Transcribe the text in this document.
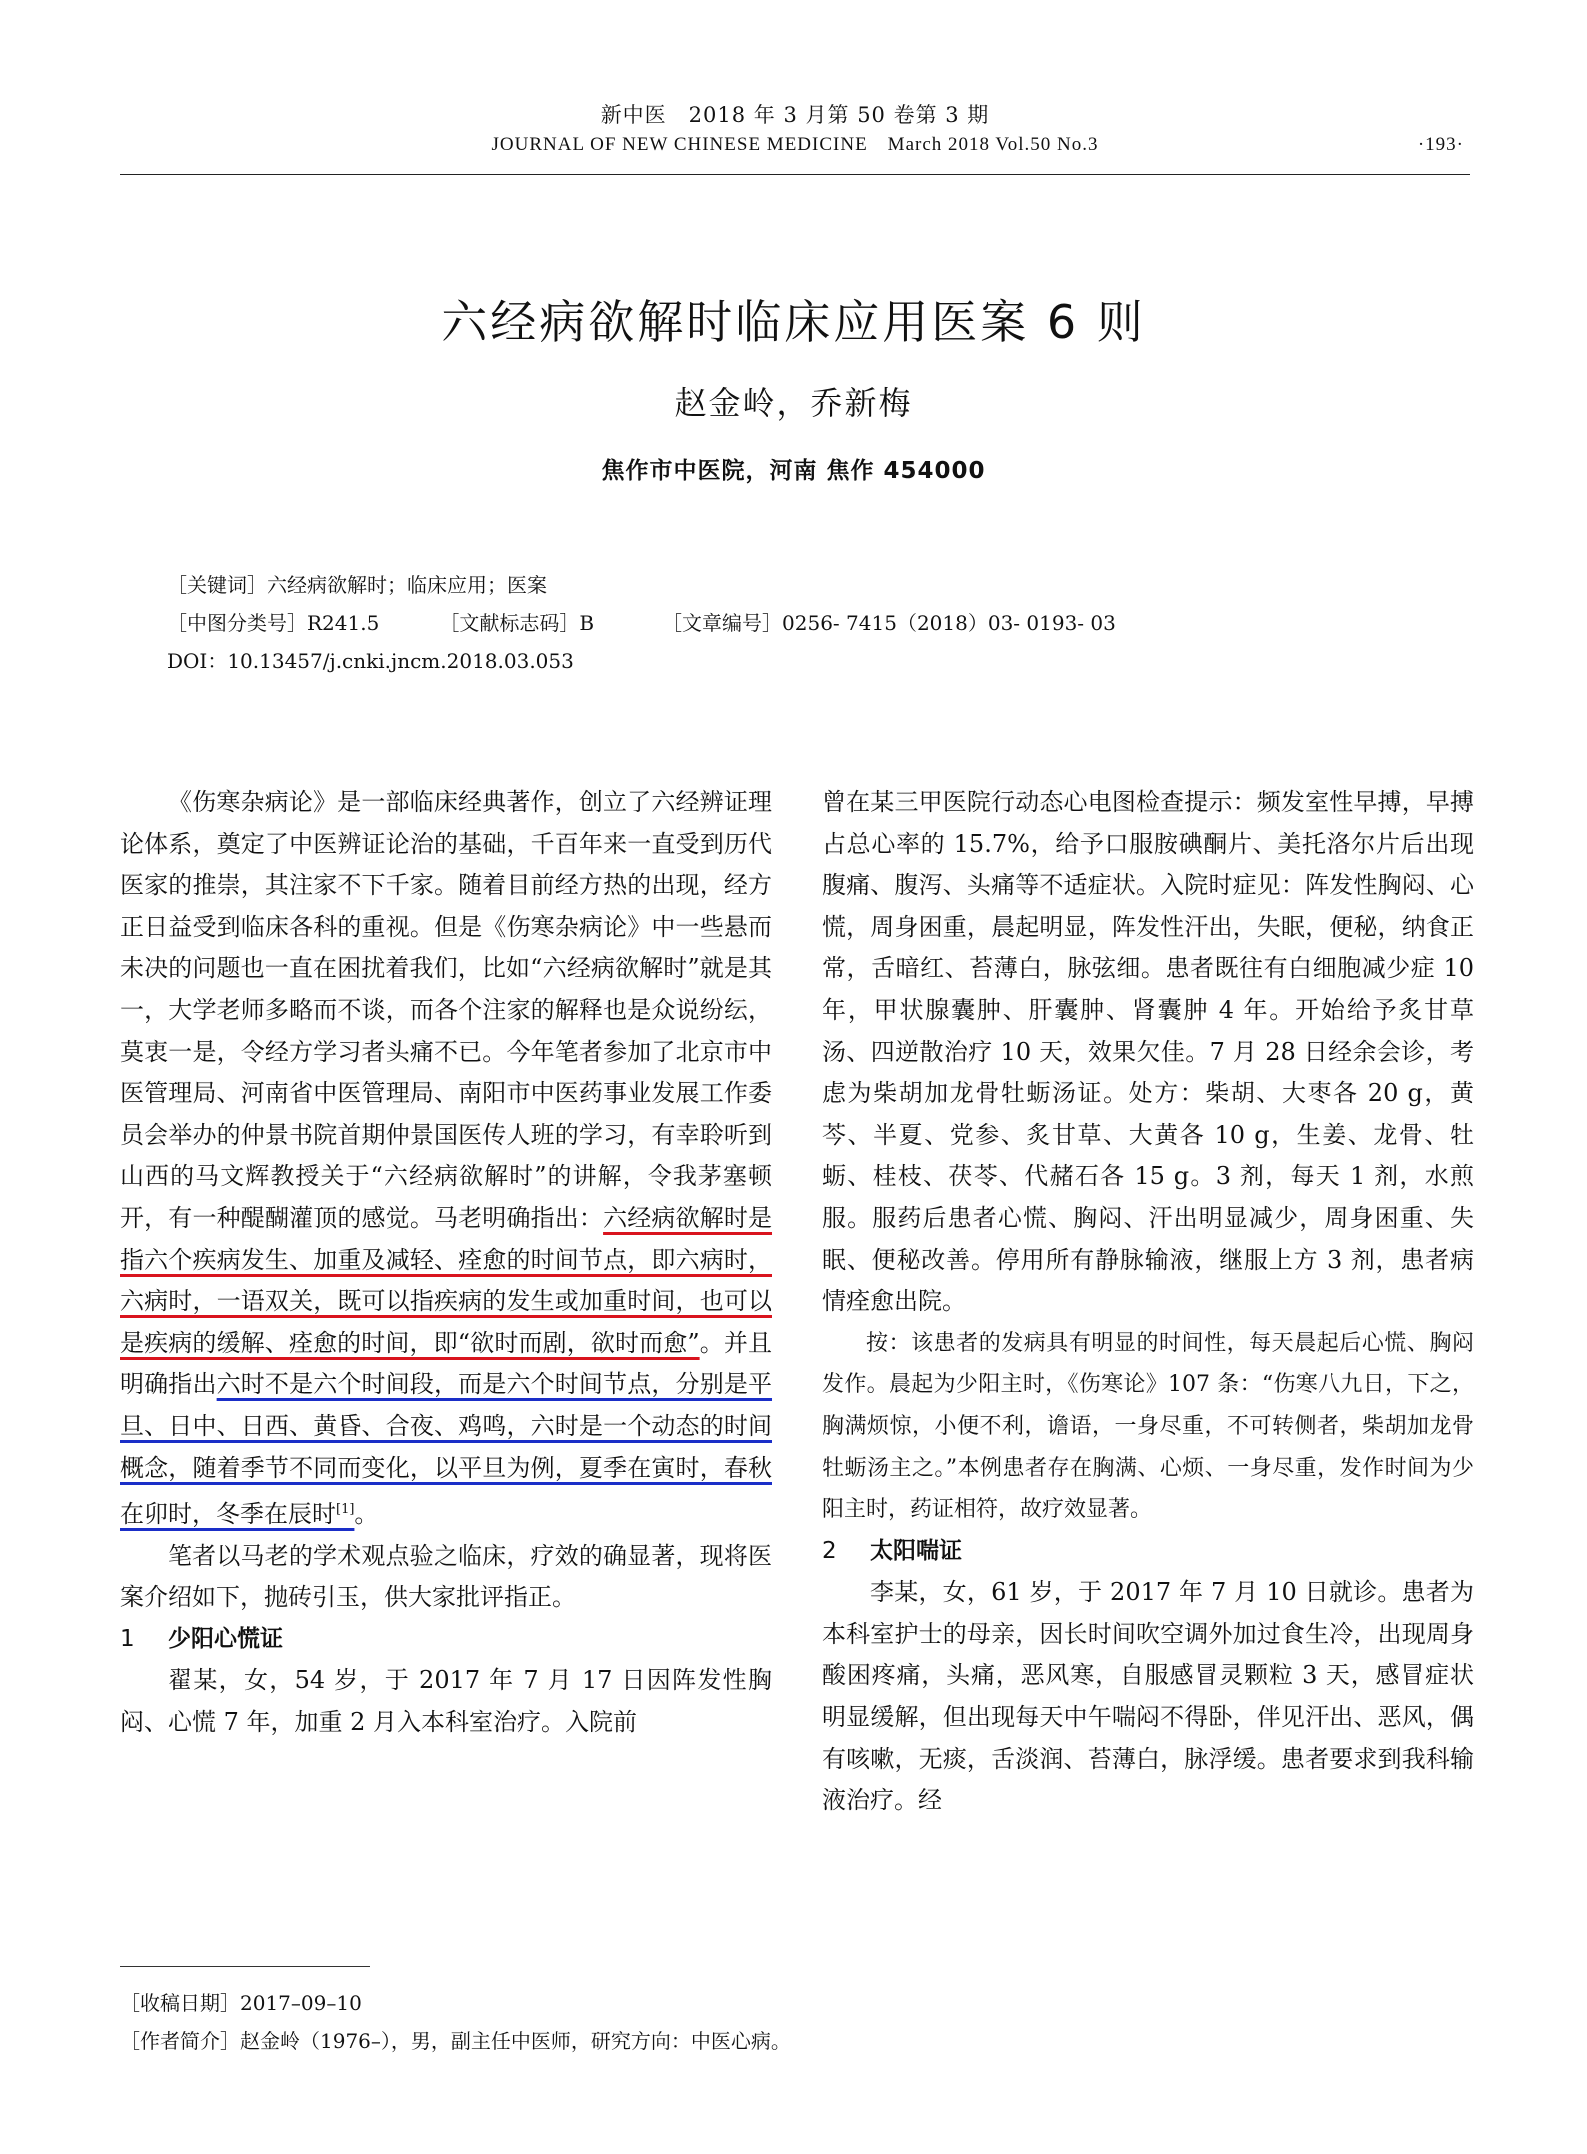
新中医　2018 年 3 月第 50 卷第 3 期
JOURNAL OF NEW CHINESE MEDICINE　March 2018 Vol.50 No.3	·193·
六经病欲解时临床应用医案 6 则
赵金岭，乔新梅
焦作市中医院，河南 焦作 454000
［关键词］六经病欲解时；临床应用；医案
［中图分类号］R241.5	［文献标志码］B	［文章编号］0256- 7415（2018）03- 0193- 03
DOI：10.13457/j.cnki.jncm.2018.03.053

《伤寒杂病论》是一部临床经典著作，创立了六经辨证理论体系，奠定了中医辨证论治的基础，千百年来一直受到历代医家的推崇，其注家不下千家。随着目前经方热的出现，经方正日益受到临床各科的重视。但是《伤寒杂病论》中一些悬而未决的问题也一直在困扰着我们，比如“六经病欲解时”就是其一，大学老师多略而不谈，而各个注家的解释也是众说纷纭，莫衷一是，令经方学习者头痛不已。今年笔者参加了北京市中医管理局、河南省中医管理局、南阳市中医药事业发展工作委员会举办的仲景书院首期仲景国医传人班的学习，有幸聆听到山西的马文辉教授关于“六经病欲解时”的讲解，令我茅塞顿开，有一种醍醐灌顶的感觉。马老明确指出：六经病欲解时是指六个疾病发生、加重及减轻、痊愈的时间节点，即六病时，六病时，一语双关，既可以指疾病的发生或加重时间，也可以是疾病的缓解、痊愈的时间，即“欲时而剧，欲时而愈”。并且明确指出六时不是六个时间段，而是六个时间节点，分别是平旦、日中、日西、黄昏、合夜、鸡鸣，六时是一个动态的时间概念，随着季节不同而变化，以平旦为例，夏季在寅时，春秋在卯时，冬季在辰时[1]。

笔者以马老的学术观点验之临床，疗效的确显著，现将医案介绍如下，抛砖引玉，供大家批评指正。

1 少阳心慌证

翟某，女，54 岁，于 2017 年 7 月 17 日因阵发性胸闷、心慌 7 年，加重 2 月入本科室治疗。入院前

曾在某三甲医院行动态心电图检查提示：频发室性早搏，早搏占总心率的 15.7%，给予口服胺碘酮片、美托洛尔片后出现腹痛、腹泻、头痛等不适症状。入院时症见：阵发性胸闷、心慌，周身困重，晨起明显，阵发性汗出，失眠，便秘，纳食正常，舌暗红、苔薄白，脉弦细。患者既往有白细胞减少症 10 年，甲状腺囊肿、肝囊肿、肾囊肿 4 年。开始给予炙甘草汤、四逆散治疗 10 天，效果欠佳。7 月 28 日经余会诊，考虑为柴胡加龙骨牡蛎汤证。处方：柴胡、大枣各 20 g，黄芩、半夏、党参、炙甘草、大黄各 10 g，生姜、龙骨、牡蛎、桂枝、茯苓、代赭石各 15 g。3 剂，每天 1 剂，水煎服。服药后患者心慌、胸闷、汗出明显减少，周身困重、失眠、便秘改善。停用所有静脉输液，继服上方 3 剂，患者病情痊愈出院。

按：该患者的发病具有明显的时间性，每天晨起后心慌、胸闷发作。晨起为少阳主时，《伤寒论》107 条：“伤寒八九日，下之，胸满烦惊，小便不利，谵语，一身尽重，不可转侧者，柴胡加龙骨牡蛎汤主之。”本例患者存在胸满、心烦、一身尽重，发作时间为少阳主时，药证相符，故疗效显著。

2 太阳喘证

李某，女，61 岁，于 2017 年 7 月 10 日就诊。患者为本科室护士的母亲，因长时间吹空调外加过食生冷，出现周身酸困疼痛，头痛，恶风寒，自服感冒灵颗粒 3 天，感冒症状明显缓解，但出现每天中午喘闷不得卧，伴见汗出、恶风，偶有咳嗽，无痰，舌淡润、苔薄白，脉浮缓。患者要求到我科输液治疗。经

［收稿日期］2017–09–10
［作者简介］赵金岭（1976–），男，副主任中医师，研究方向：中医心病。
